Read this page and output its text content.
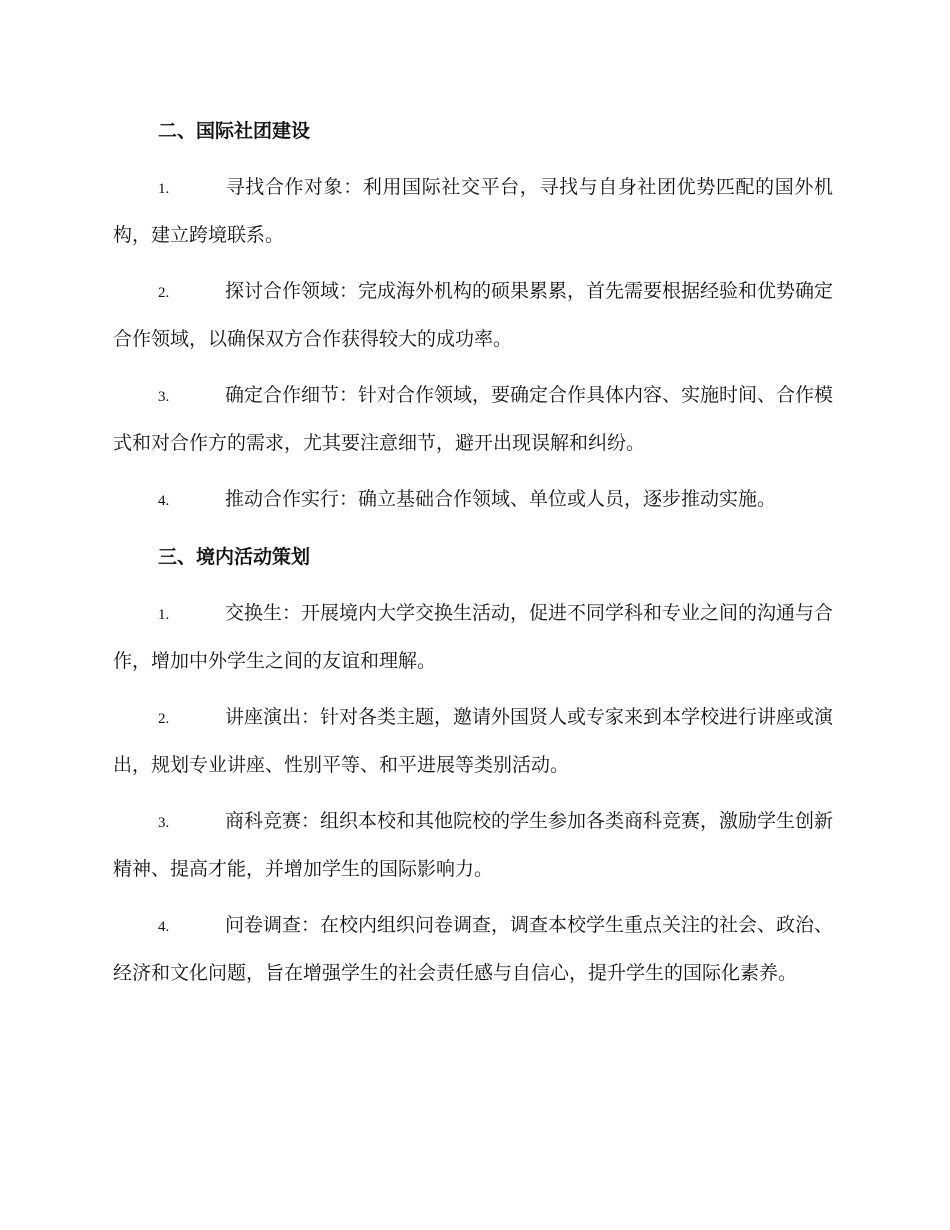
二、国际社团建设

1.	寻找合作对象：利用国际社交平台，寻找与自身社团优势匹配的国外机构，建立跨境联系。

2.	探讨合作领域：完成海外机构的硕果累累，首先需要根据经验和优势确定合作领域，以确保双方合作获得较大的成功率。

3.	确定合作细节：针对合作领域，要确定合作具体内容、实施时间、合作模式和对合作方的需求，尤其要注意细节，避开出现误解和纠纷。

4.	推动合作实行：确立基础合作领域、单位或人员，逐步推动实施。

三、境内活动策划

1.	交换生：开展境内大学交换生活动，促进不同学科和专业之间的沟通与合作，增加中外学生之间的友谊和理解。

2.	讲座演出：针对各类主题，邀请外国贤人或专家来到本学校进行讲座或演出，规划专业讲座、性别平等、和平进展等类别活动。

3.	商科竞赛：组织本校和其他院校的学生参加各类商科竞赛，激励学生创新精神、提高才能，并增加学生的国际影响力。

4.	问卷调查：在校内组织问卷调查，调查本校学生重点关注的社会、政治、经济和文化问题，旨在增强学生的社会责任感与自信心，提升学生的国际化素养。
